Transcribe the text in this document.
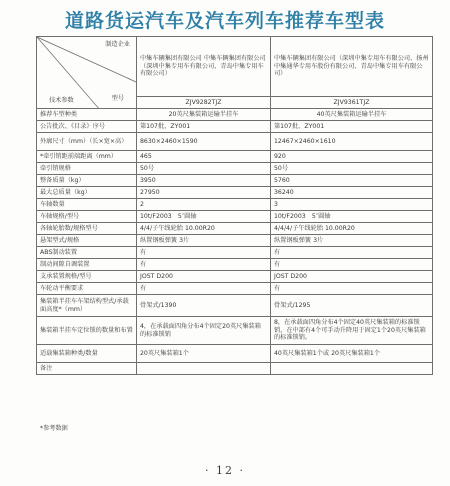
道路货运汽车及汽车列车推荐车型表
制造企业
型号
技术参数	中集车辆集团有限公司 中集车辆集团有限公司（深圳中集专用车有限公司、青岛中集专用车有限公司）	中集车辆集团有限公司（深圳中集专用车有限公司、扬州中集通华专用车股份有限公司、青岛中集专用车有限公司）
	ZJV9282TJZ	ZJV9361TJZ
推荐车型种类	20英尺集装箱运输半挂车	40英尺集装箱运输半挂车
公告批次、《目录》序号	第107批、ZY001	第107批、ZY001
外廓尺寸（mm）（长×宽×高）	8630×2460×1590	12467×2460×1610
*牵引销距前端距离（mm）	465	920
牵引销规格	50号	50号
整备质量（kg）	3950	5760
最大总质量（kg）	27950	36240
车轴数量	2	3
车轴规格/型号	10t/F2003　5″圆轴	10t/F2003　5″圆轴
各轴轮胎数/规格型号	4/4/子午线轮胎 10.00R20	4/4/4/子午线轮胎 10.00R20
悬架型式/规格	纵置钢板弹簧 3片	纵置钢板弹簧 3片
ABS制动装置	有	有
制动间隙自调装置	有	有
支承装置规格/型号	JOST D200	JOST D200
车轮动平衡要求	有	有
集装箱半挂车车架结构型式/承载面高度*（mm）	骨架式/1390	骨架式/1295
集装箱半挂车定位锁的数量和布置	4，在承载面四角分布4个固定20英尺集装箱的标准锁销	8，在承载面四角分布4个固定40英尺集装箱的标准锁销，在中部有4个可手动升降用于固定1个20英尺集装箱的标准锁销。
适载集装箱种类/数量	20英尺集装箱1个	40英尺集装箱1个或 20英尺集装箱1个
备注		
*参考数据
· 12 ·
